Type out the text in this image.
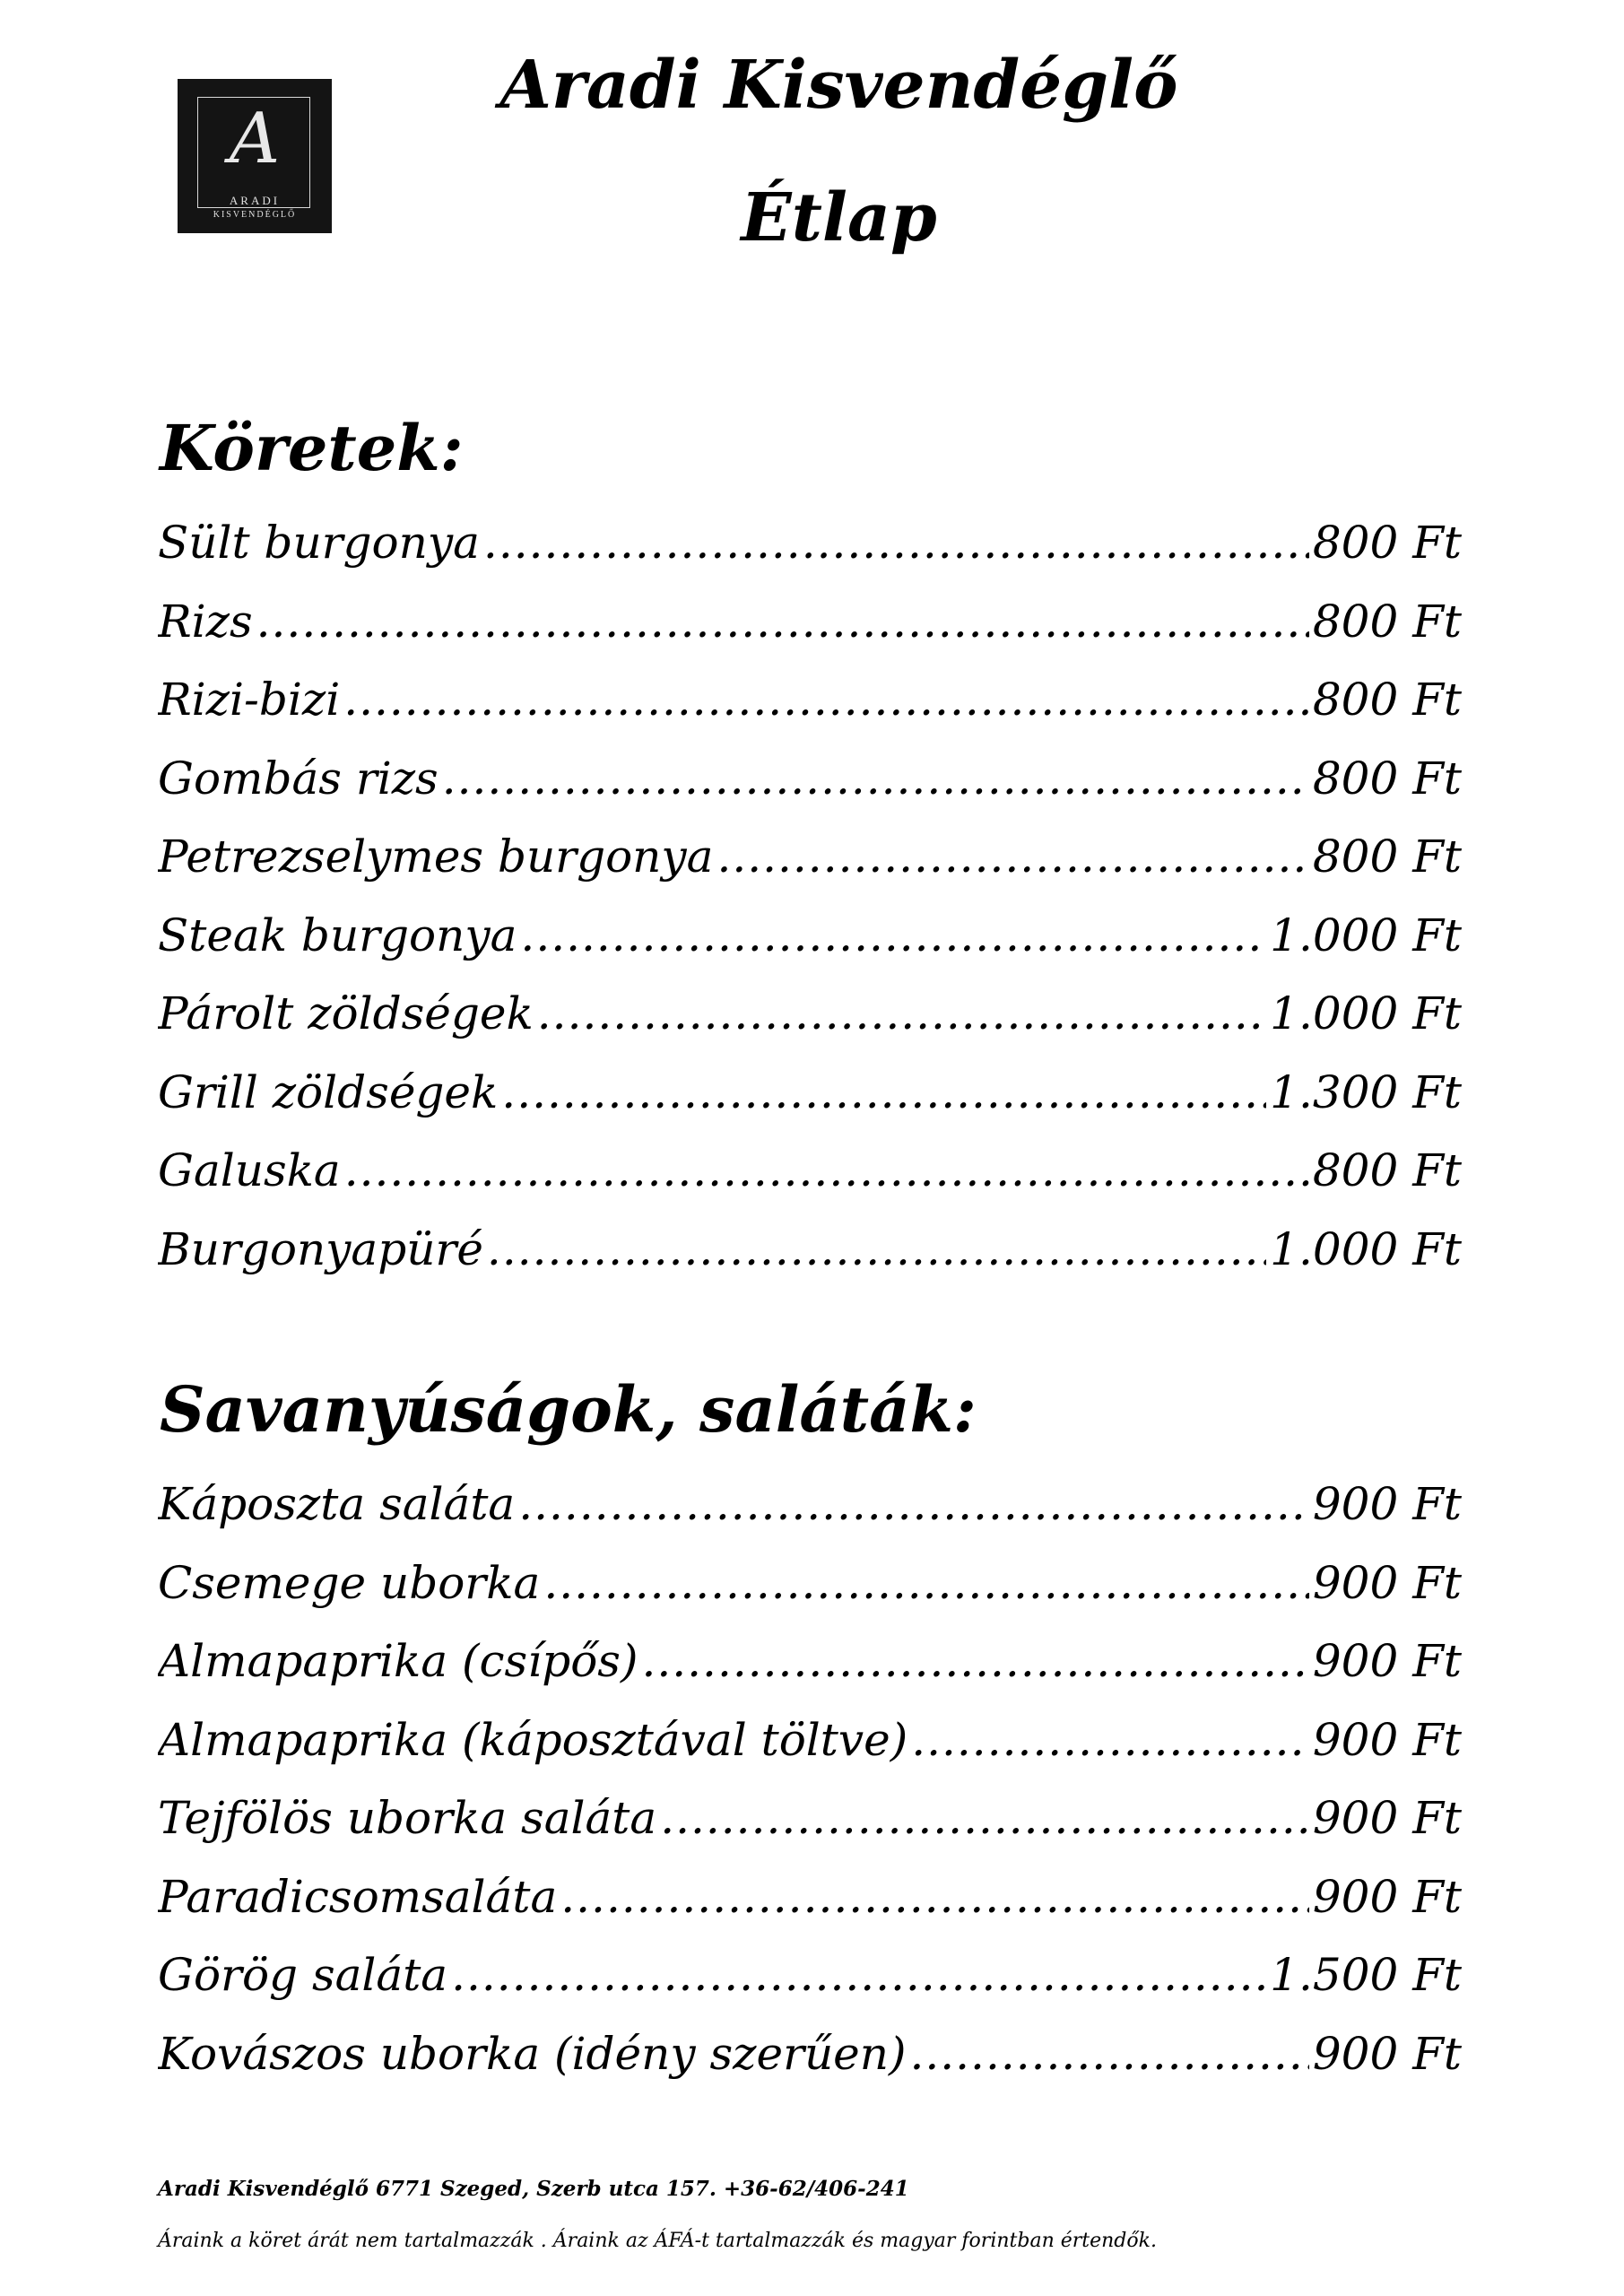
A
ARADI
KISVENDÉGLŐ
Aradi Kisvendéglő
Étlap
Köretek:
Sült burgonya .....	800 Ft
Rizs .....	800 Ft
Rizi-bizi .....	800 Ft
Gombás rizs .....	800 Ft
Petrezselymes burgonya .....	800 Ft
Steak burgonya .....	1.000 Ft
Párolt zöldségek .....	1.000 Ft
Grill zöldségek .....	1.300 Ft
Galuska .....	800 Ft
Burgonyapüré .....	1.000 Ft
Savanyúságok, saláták:
Káposzta saláta .....	900 Ft
Csemege uborka .....	900 Ft
Almapaprika (csípős) .....	900 Ft
Almapaprika (káposztával töltve) .....	900 Ft
Tejfölös uborka saláta .....	900 Ft
Paradicsomsaláta .....	900 Ft
Görög saláta .....	1.500 Ft
Kovászos uborka (idény szerűen) .....	900 Ft

Aradi Kisvendéglő 6771 Szeged, Szerb utca 157. +36-62/406-241

Áraink a köret árát nem tartalmazzák . Áraink az ÁFÁ-t tartalmazzák és magyar forintban értendők.
